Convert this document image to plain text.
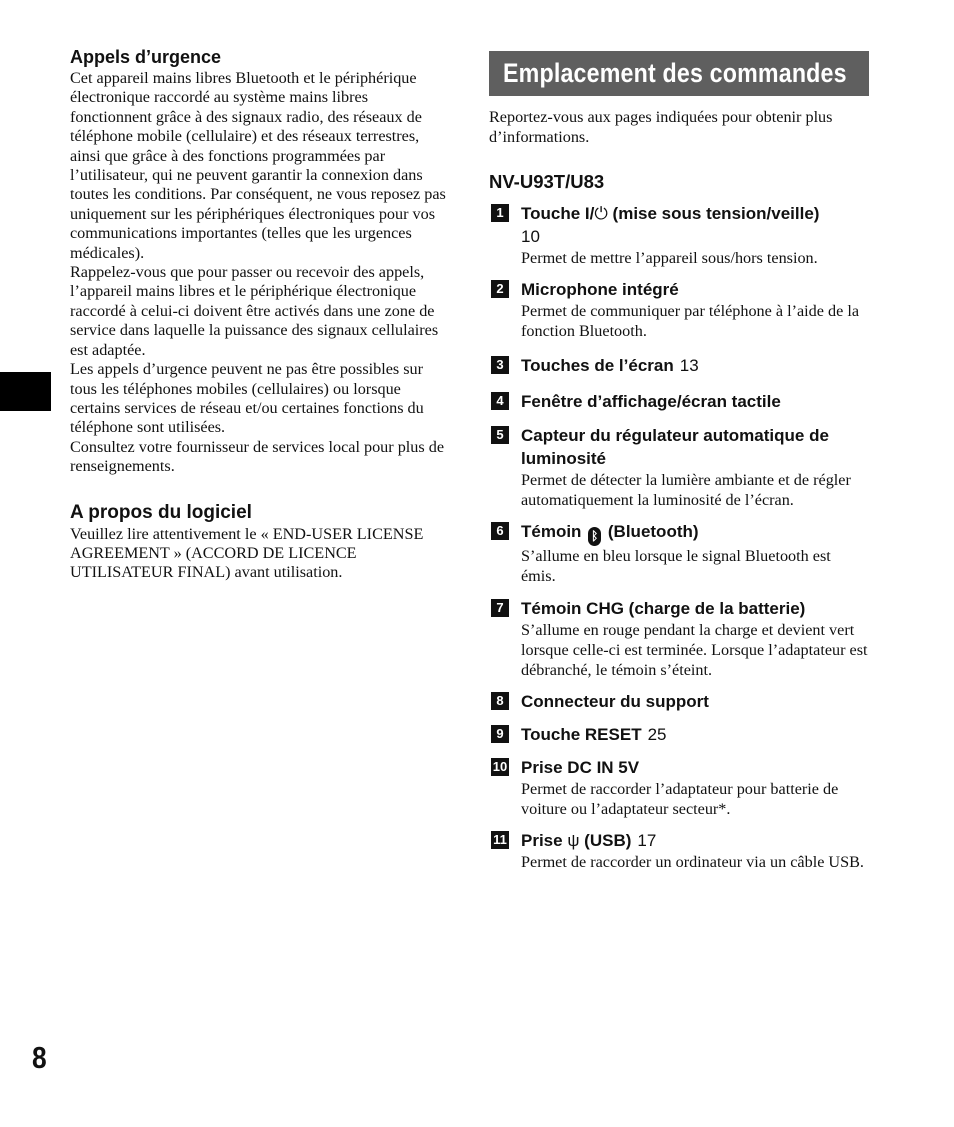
Appels d’urgence

Cet appareil mains libres Bluetooth et le périphérique électronique raccordé au système mains libres fonctionnent grâce à des signaux radio, des réseaux de téléphone mobile (cellulaire) et des réseaux terrestres, ainsi que grâce à des fonctions programmées par l’utilisateur, qui ne peuvent garantir la connexion dans toutes les conditions. Par conséquent, ne vous reposez pas uniquement sur les périphériques électroniques pour vos communications importantes (telles que les urgences médicales).

Rappelez-vous que pour passer ou recevoir des appels, l’appareil mains libres et le périphérique électronique raccordé à celui-ci doivent être activés dans une zone de service dans laquelle la puissance des signaux cellulaires est adaptée.

Les appels d’urgence peuvent ne pas être possibles sur tous les téléphones mobiles (cellulaires) ou lorsque certains services de réseau et/ou certaines fonctions du téléphone sont utilisées.

Consultez votre fournisseur de services local pour plus de renseignements.

A propos du logiciel

Veuillez lire attentivement le « END-USER LICENSE AGREEMENT » (ACCORD DE LICENCE UTILISATEUR FINAL) avant utilisation.

Emplacement des commandes

Reportez-vous aux pages indiquées pour obtenir plus d’informations.

NV-U93T/U83
1	Touche I/⏻ (mise sous tension/veille)
10

Permet de mettre l’appareil sous/hors tension.

2	Microphone intégré

Permet de communiquer par téléphone à l’aide de la fonction Bluetooth.

3	Touches de l’écran 13

4	Fenêtre d’affichage/écran tactile

5	Capteur du régulateur automatique de luminosité

Permet de détecter la lumière ambiante et de régler automatiquement la luminosité de l’écran.

6	Témoin ᛒ (Bluetooth)

S’allume en bleu lorsque le signal Bluetooth est émis.

7	Témoin CHG (charge de la batterie)

S’allume en rouge pendant la charge et devient vert lorsque celle-ci est terminée. Lorsque l’adaptateur est débranché, le témoin s’éteint.

8	Connecteur du support

9	Touche RESET 25

10 Prise DC IN 5V

Permet de raccorder l’adaptateur pour batterie de voiture ou l’adaptateur secteur*.

11 Prise ψ (USB) 17

Permet de raccorder un ordinateur via un câble USB.

8
